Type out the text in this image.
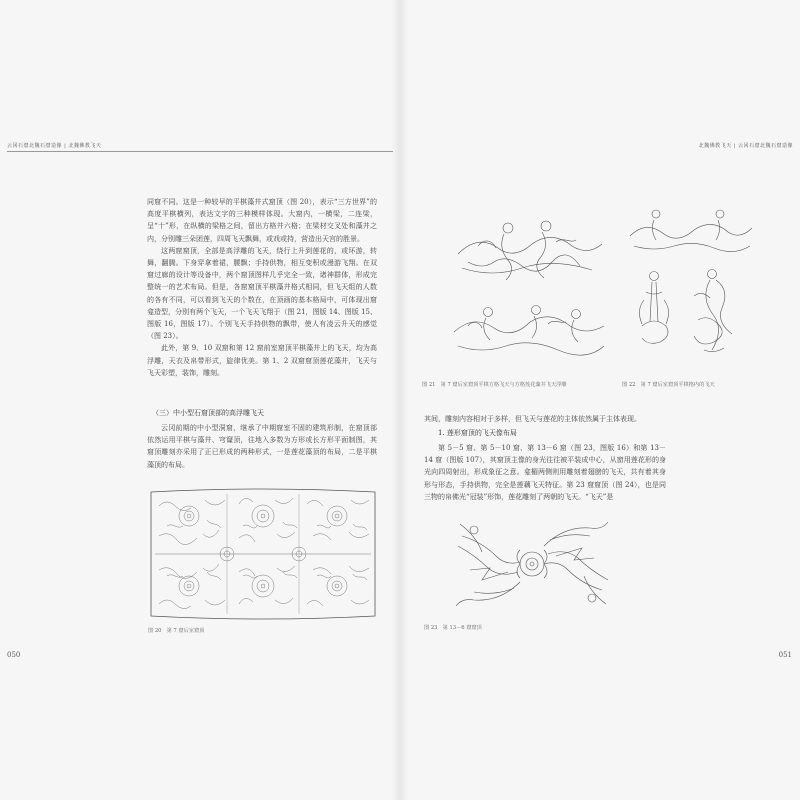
云冈石窟北魏石窟造像 | 北魏佛教飞天

同窟不同。这是一种较早的平棋藻井式窟顶（图 20），表示“三方世界”的高度平棋横列，表达文字的三种模样体现。大窟内，一横梁，二连梁，呈“十”形，在纵横的梁格之间，留出方格井六格；在梁材交叉处和藻井之内，分别雕三朵团莲，四周飞天飘舞，或戏或持，营造出天宫的胜景。

这两窟窟顶，全部是高浮雕的飞天，绕行上升到莲花的，或环游，转舞，翻腾。下身穿拿着裙，腰飘；手持供物，相互变积或漫游飞翔。在双窟过廊的设计等设备中，两个窟顶图样几乎完全一致，诸神群体，形成完整统一的艺术布局。但是，各窟窟顶平棋藻井格式相同，但飞天组的人数的各有不同，可以看到飞天的个数在，在顶画的基本格局中，可体现出窟龛造型，分别有两个飞天，一个飞天飞翔于（图 21，图版 14、图版 15、图版 16，图版 17）。个别飞天手持供物的飘带，使人有凌云升天的感觉（图 23）。

此外，第 9、10 双窟和第 12 窟前室窟顶平棋藻井上的飞天，均为高浮雕，天衣及帛带形式，旋律优美。第 1、2 双窟窟顶莲花藻井，飞天与飞天彩塑，装饰，雕刻。

（三）中小型石窟顶部的高浮雕飞天

云冈前期的中小型洞窟，继承了中期窟室不固的建筑形制，在窟顶部依然运用平棋与藻井、穹窿顶，往地入多数为方形或长方形平面制图，其窟顶雕刻亦采用了正已形成的两种形式，一是莲花藻顶的布局，二是平棋藻顶的布局。

图 20　第 7 窟后室窟顶
050
北魏佛教飞天 | 云冈石窟北魏石窟造像
图 21　第 7 窟后室窟顶平棋方格飞天与方格莲花藻井飞天浮雕	图 22　第 7 窟后室窟顶平棋格内的飞天

其间，雕刻内容相对于多样，但飞天与莲花的主体依然属于主体表现。

1. 莲形窟顶的飞天像布局

第 5－5 窟、第 5－10 窟、第 13－6 窟（图 23，图版 16）和第 13－14 窟（图版 107），其窟顶主像的身光往往被平装成中心，从窗用莲花形的身光向四周射出，形成象征之意。龛楣两侧则用雕刻着翅膀的飞天，共有着其身形与形态，手持供物，完全是莲藕飞天特征。第 23 窟窟顶（图 24），也是同三物的帛佛光“冠装”形饰，莲花雕刻了两朝的飞天。“飞天”是

图 23　第 13－6 窟窟顶
051
